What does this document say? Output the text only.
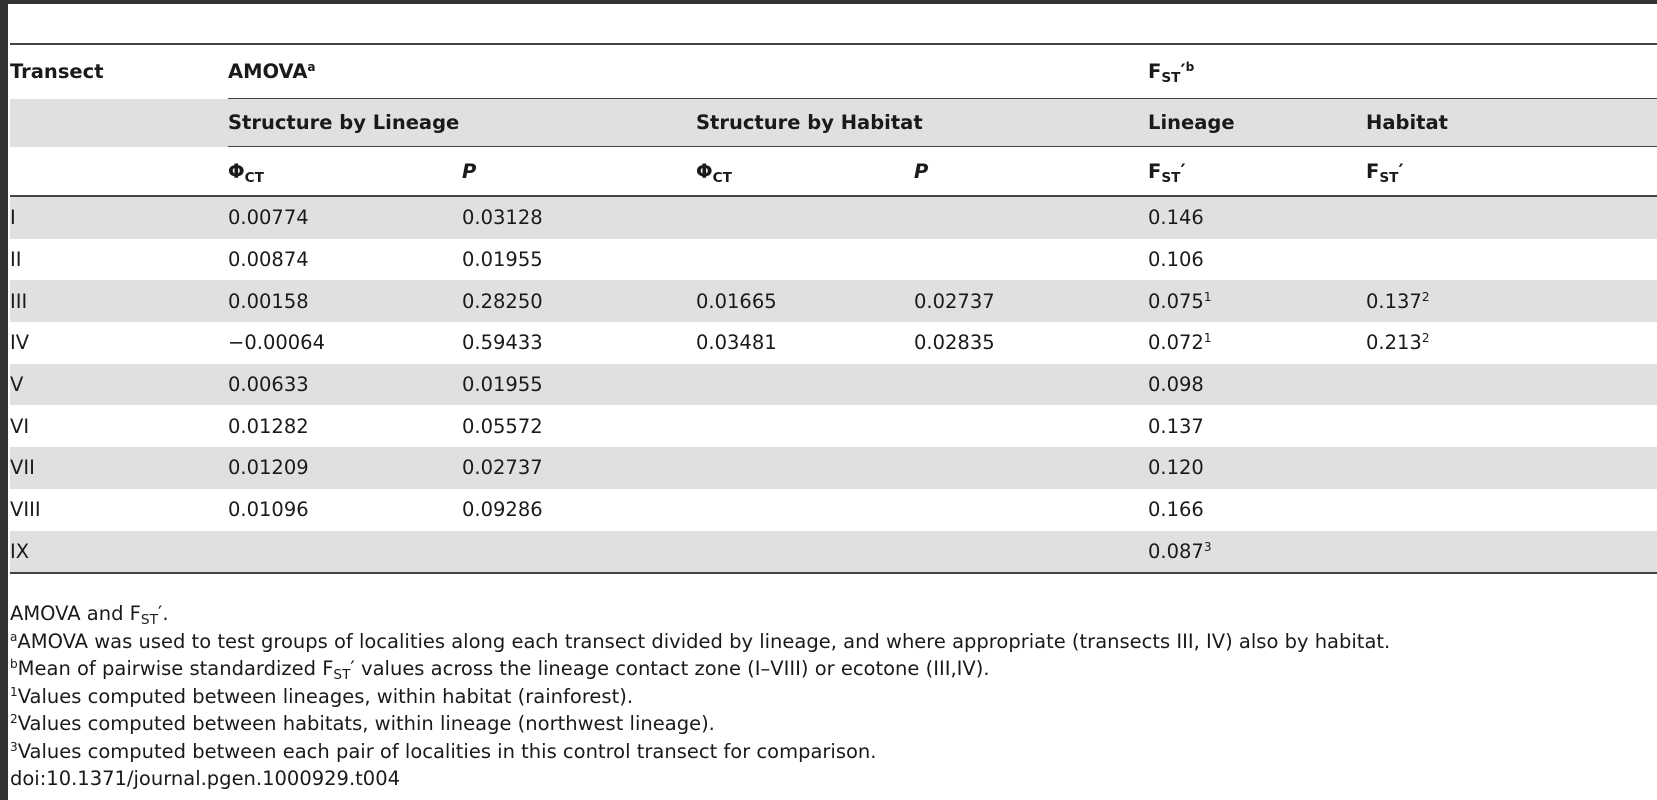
Transect	AMOVA$^a$				$F_{ST}'^b$
	Structure by Lineage		Structure by Habitat		Lineage	Habitat
	$\Phi_{CT}$	P	$\Phi_{CT}$	P	$F_{ST}'$	$F_{ST}'$
I	0.00774	0.03128			0.146	
II	0.00874	0.01955			0.106	
III	0.00158	0.28250	0.01665	0.02737	0.075$^1$	0.137$^2$
IV	−0.00064	0.59433	0.03481	0.02835	0.072$^1$	0.213$^2$
V	0.00633	0.01955			0.098	
VI	0.01282	0.05572			0.137	
VII	0.01209	0.02737			0.120	
VIII	0.01096	0.09286			0.166	
IX					0.087$^3$	
AMOVA and $F_{ST}'$.
$^a$AMOVA was used to test groups of localities along each transect divided by lineage, and where appropriate (transects III, IV) also by habitat.
$^b$Mean of pairwise standardized $F_{ST}'$ values across the lineage contact zone (I–VIII) or ecotone (III,IV).
$^1$Values computed between lineages, within habitat (rainforest).
$^2$Values computed between habitats, within lineage (northwest lineage).
$^3$Values computed between each pair of localities in this control transect for comparison.
doi:10.1371/journal.pgen.1000929.t004
